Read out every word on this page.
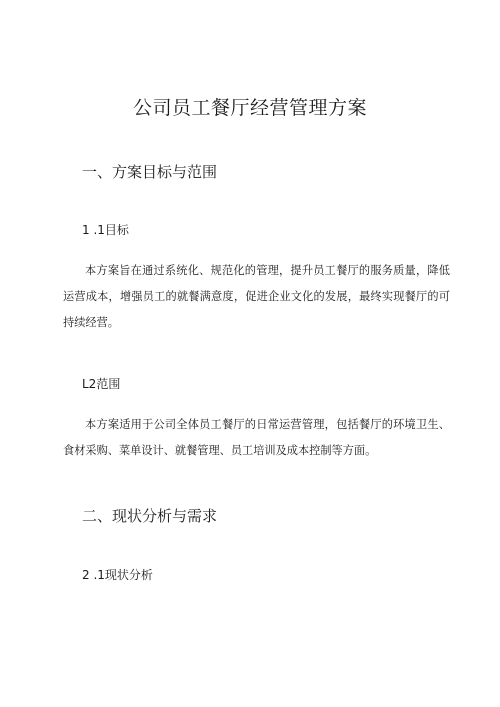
公司员工餐厅经营管理方案
一、方案目标与范围
1 .1目标
本方案旨在通过系统化、规范化的管理，提升员工餐厅的服务质量，降低运营成本，增强员工的就餐满意度，促进企业文化的发展，最终实现餐厅的可持续经营。
L2范围
本方案适用于公司全体员工餐厅的日常运营管理，包括餐厅的环境卫生、食材采购、菜单设计、就餐管理、员工培训及成本控制等方面。
二、现状分析与需求
2 .1现状分析
